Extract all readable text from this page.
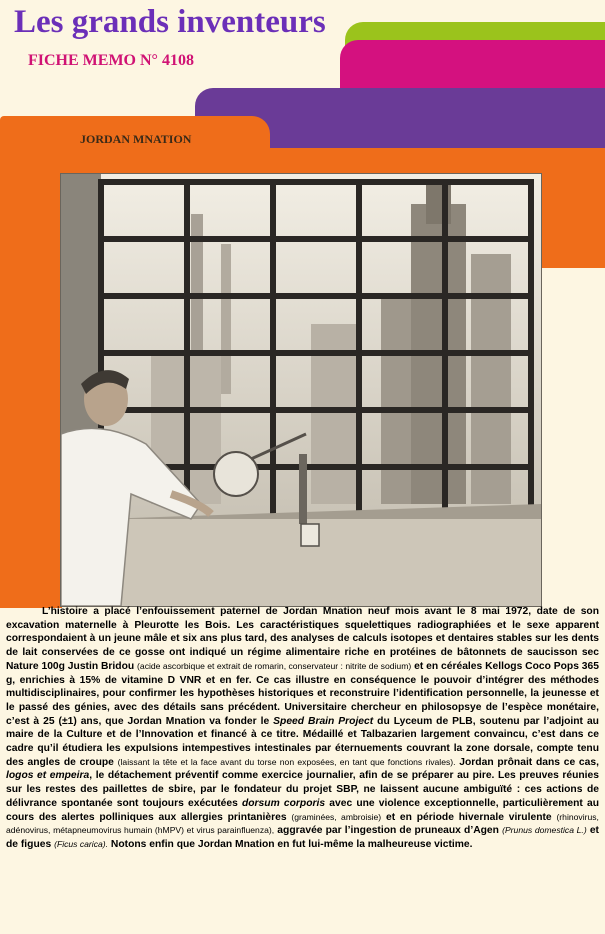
Les grands inventeurs
FICHE MEMO N° 4108
JORDAN MNATION

L’histoire a placé l’enfouissement paternel de Jordan Mnation neuf mois avant le 8 mai 1972, date de son excavation maternelle à Pleurotte les Bois. Les caractéristiques squelettiques radiographiées et le sexe apparent correspondaient à un jeune mâle et six ans plus tard, des analyses de calculs isotopes et dentaires stables sur les dents de lait conservées de ce gosse ont indiqué un régime alimentaire riche en protéines de bâtonnets de saucisson sec Nature 100g Justin Bridou (acide ascorbique et extrait de romarin, conservateur : nitrite de sodium) et en céréales Kellogs Coco Pops 365 g, enrichies à 15% de vitamine D VNR et en fer. Ce cas illustre en conséquence le pouvoir d’intégrer des méthodes multidisciplinaires, pour confirmer les hypothèses historiques et reconstruire l’identification personnelle, la jeunesse et le passé des génies, avec des détails sans précédent. Universitaire chercheur en philosopsye de l’espèce monétaire, c’est à 25 (±1) ans, que Jordan Mnation va fonder le Speed Brain Project du Lyceum de PLB, soutenu par l’adjoint au maire de la Culture et de l’Innovation et financé à ce titre. Médaillé et Talbazarien largement convaincu, c’est dans ce cadre qu’il étudiera les expulsions intempestives intestinales par éternuements couvrant la zone dorsale, compte tenu des angles de croupe (laissant la tête et la face avant du torse non exposées, en tant que fonctions rivales). Jordan prônait dans ce cas, logos et empeira, le détachement préventif comme exercice journalier, afin de se préparer au pire. Les preuves réunies sur les restes des paillettes de sbire, par le fondateur du projet SBP, ne laissent aucune ambiguïté : ces actions de délivrance spontanée sont toujours exécutées dorsum corporis avec une violence exceptionnelle, particulièrement au cours des alertes polliniques aux allergies printanières (graminées, ambroisie) et en période hivernale virulente (rhinovirus, adénovirus, métapneumovirus humain (hMPV) et virus parainfluenza), aggravée par l’ingestion de pruneaux d’Agen (Prunus domestica L.) et de figues (Ficus carica). Notons enfin que Jordan Mnation en fut lui-même la malheureuse victime.
